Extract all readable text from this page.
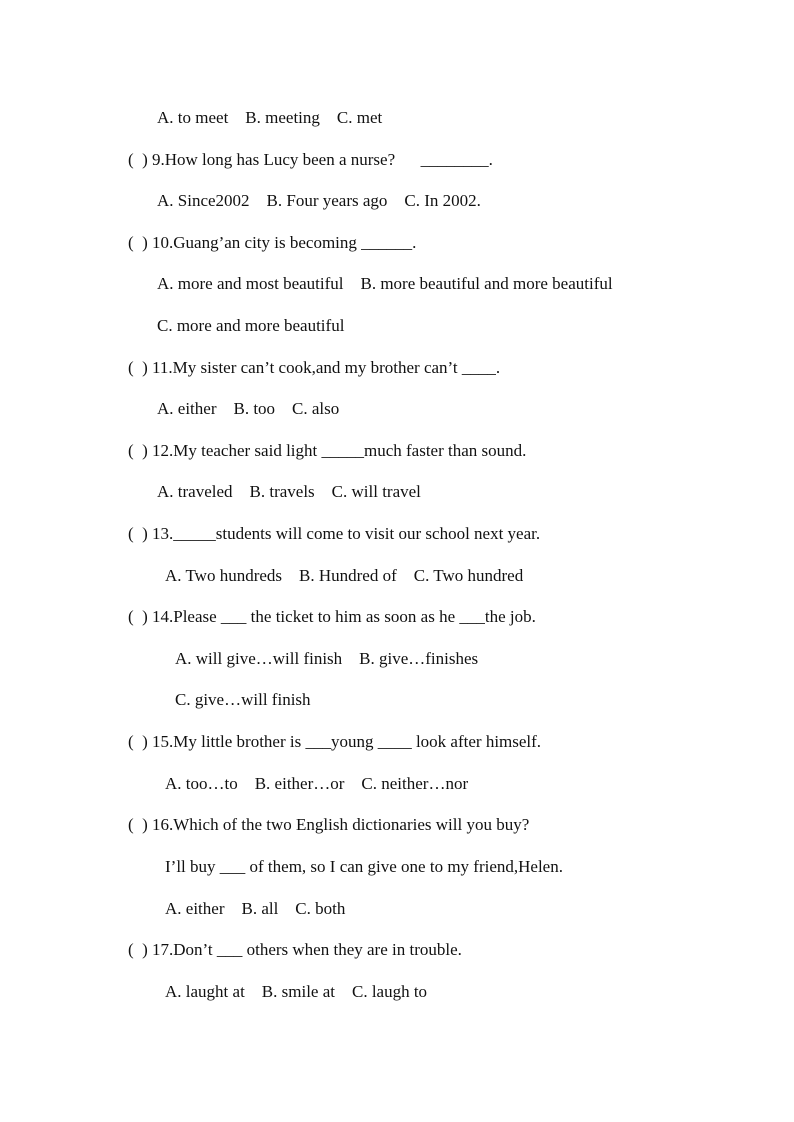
A. to meet    B. meeting    C. met
(  ) 9.How long has Lucy been a nurse?      ________.
A. Since2002    B. Four years ago    C. In 2002.
(  ) 10.Guang’an city is becoming ______.
A. more and most beautiful    B. more beautiful and more beautiful
C. more and more beautiful
(  ) 11.My sister can’t cook,and my brother can’t ____.
A. either    B. too    C. also
(  ) 12.My teacher said light _____much faster than sound.
A. traveled    B. travels    C. will travel
(  ) 13._____students will come to visit our school next year.
A. Two hundreds    B. Hundred of    C. Two hundred
(  ) 14.Please ___ the ticket to him as soon as he ___the job.
A. will give…will finish    B. give…finishes
C. give…will finish
(  ) 15.My little brother is ___young ____ look after himself.
A. too…to    B. either…or    C. neither…nor
(  ) 16.Which of the two English dictionaries will you buy?
I’ll buy ___ of them, so I can give one to my friend,Helen.
A. either    B. all    C. both
(  ) 17.Don’t ___ others when they are in trouble.
A. laught at    B. smile at    C. laugh to
